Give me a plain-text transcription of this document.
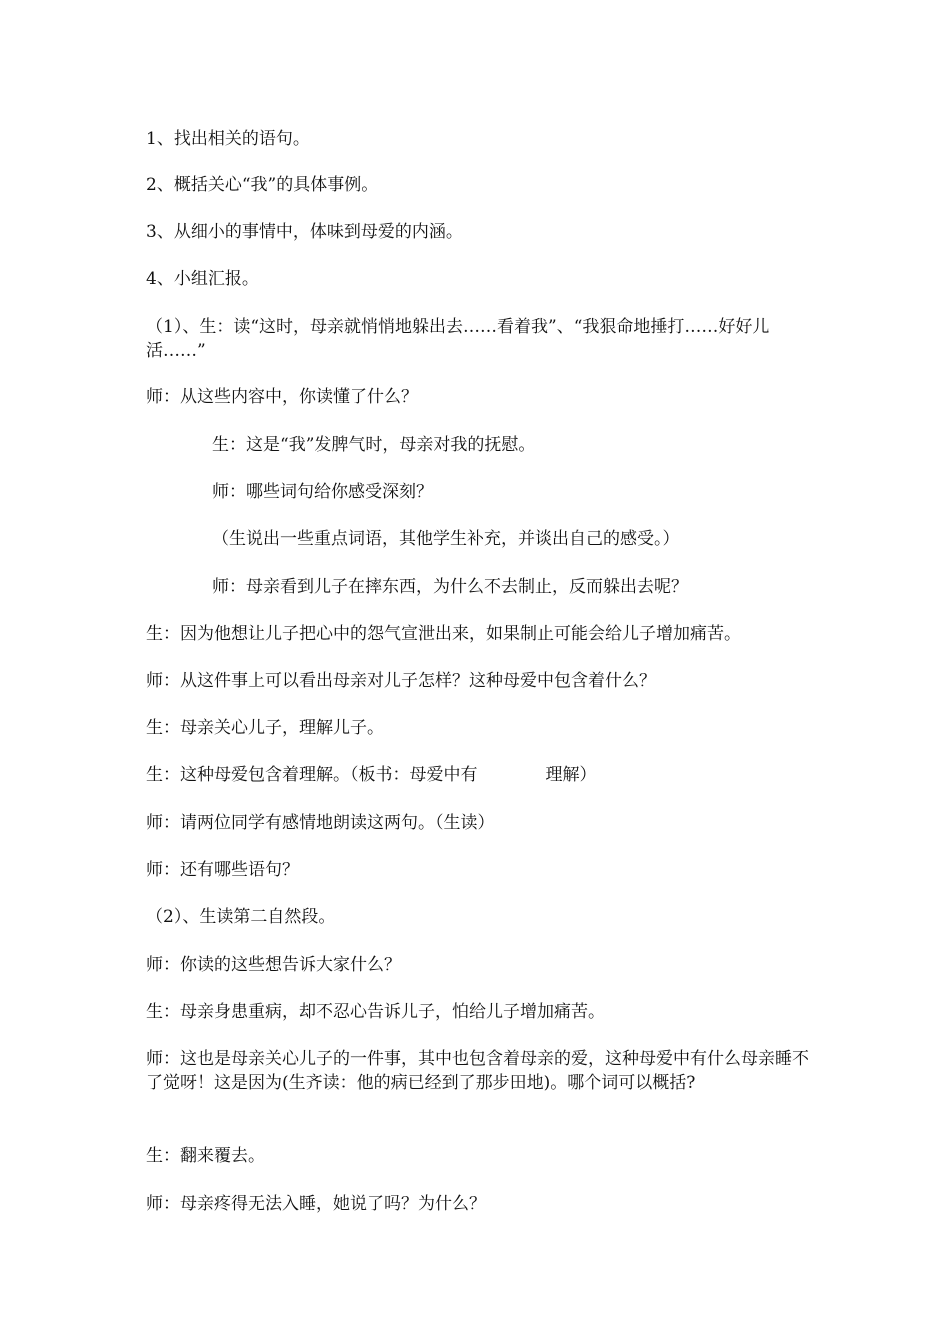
1、找出相关的语句。

2、概括关心“我”的具体事例。

3、从细小的事情中，体味到母爱的内涵。

4、小组汇报。

（1）、生：读“这时，母亲就悄悄地躲出去……看着我”、“我狠命地捶打……好好儿活……”

师：从这些内容中，你读懂了什么？

生：这是“我”发脾气时，母亲对我的抚慰。

师：哪些词句给你感受深刻？

（生说出一些重点词语，其他学生补充，并谈出自己的感受。）

师：母亲看到儿子在摔东西，为什么不去制止，反而躲出去呢？

生：因为他想让儿子把心中的怨气宣泄出来，如果制止可能会给儿子增加痛苦。

师：从这件事上可以看出母亲对儿子怎样？这种母爱中包含着什么？

生：母亲关心儿子，理解儿子。

生：这种母爱包含着理解。（板书：母爱中有	理解）

师：请两位同学有感情地朗读这两句。（生读）

师：还有哪些语句？

（2）、生读第二自然段。

师：你读的这些想告诉大家什么？

生：母亲身患重病，却不忍心告诉儿子，怕给儿子增加痛苦。

师：这也是母亲关心儿子的一件事，其中也包含着母亲的爱，这种母爱中有什么母亲睡不了觉呀！这是因为(生齐读：他的病已经到了那步田地)。哪个词可以概括?

生：翻来覆去。

师：母亲疼得无法入睡，她说了吗？为什么？
